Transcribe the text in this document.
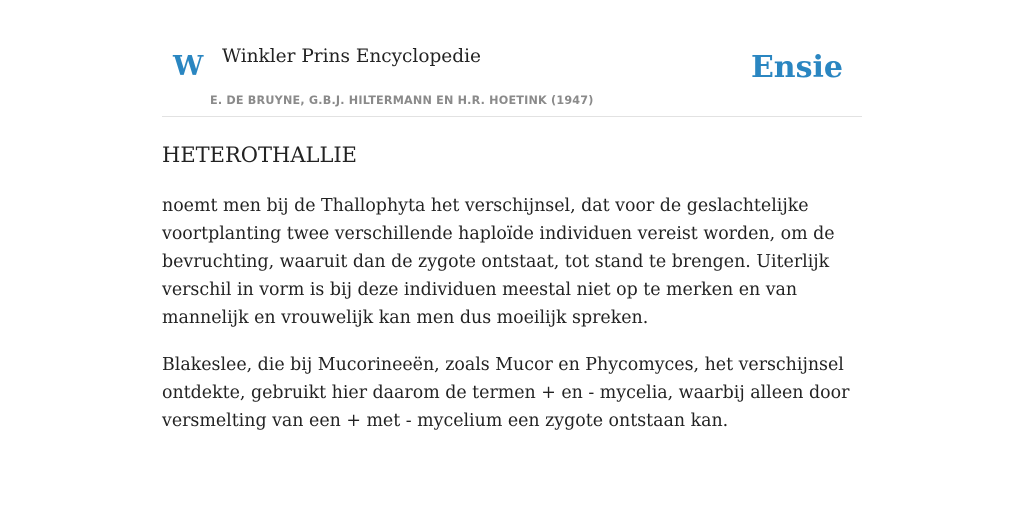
W Winkler Prins Encyclopedie
E. DE BRUYNE, G.B.J. HILTERMANN EN H.R. HOETINK (1947)
Ensie
HETEROTHALLIE

noemt men bij de Thallophyta het verschijnsel, dat voor de geslachtelijke voortplanting twee verschillende haploïde individuen vereist worden, om de bevruchting, waaruit dan de zygote ontstaat, tot stand te brengen. Uiterlijk verschil in vorm is bij deze individuen meestal niet op te merken en van mannelijk en vrouwelijk kan men dus moeilijk spreken.

Blakeslee, die bij Mucorineeën, zoals Mucor en Phycomyces, het verschijnsel ontdekte, gebruikt hier daarom de termen + en - mycelia, waarbij alleen door versmelting van een + met - mycelium een zygote ontstaan kan.
